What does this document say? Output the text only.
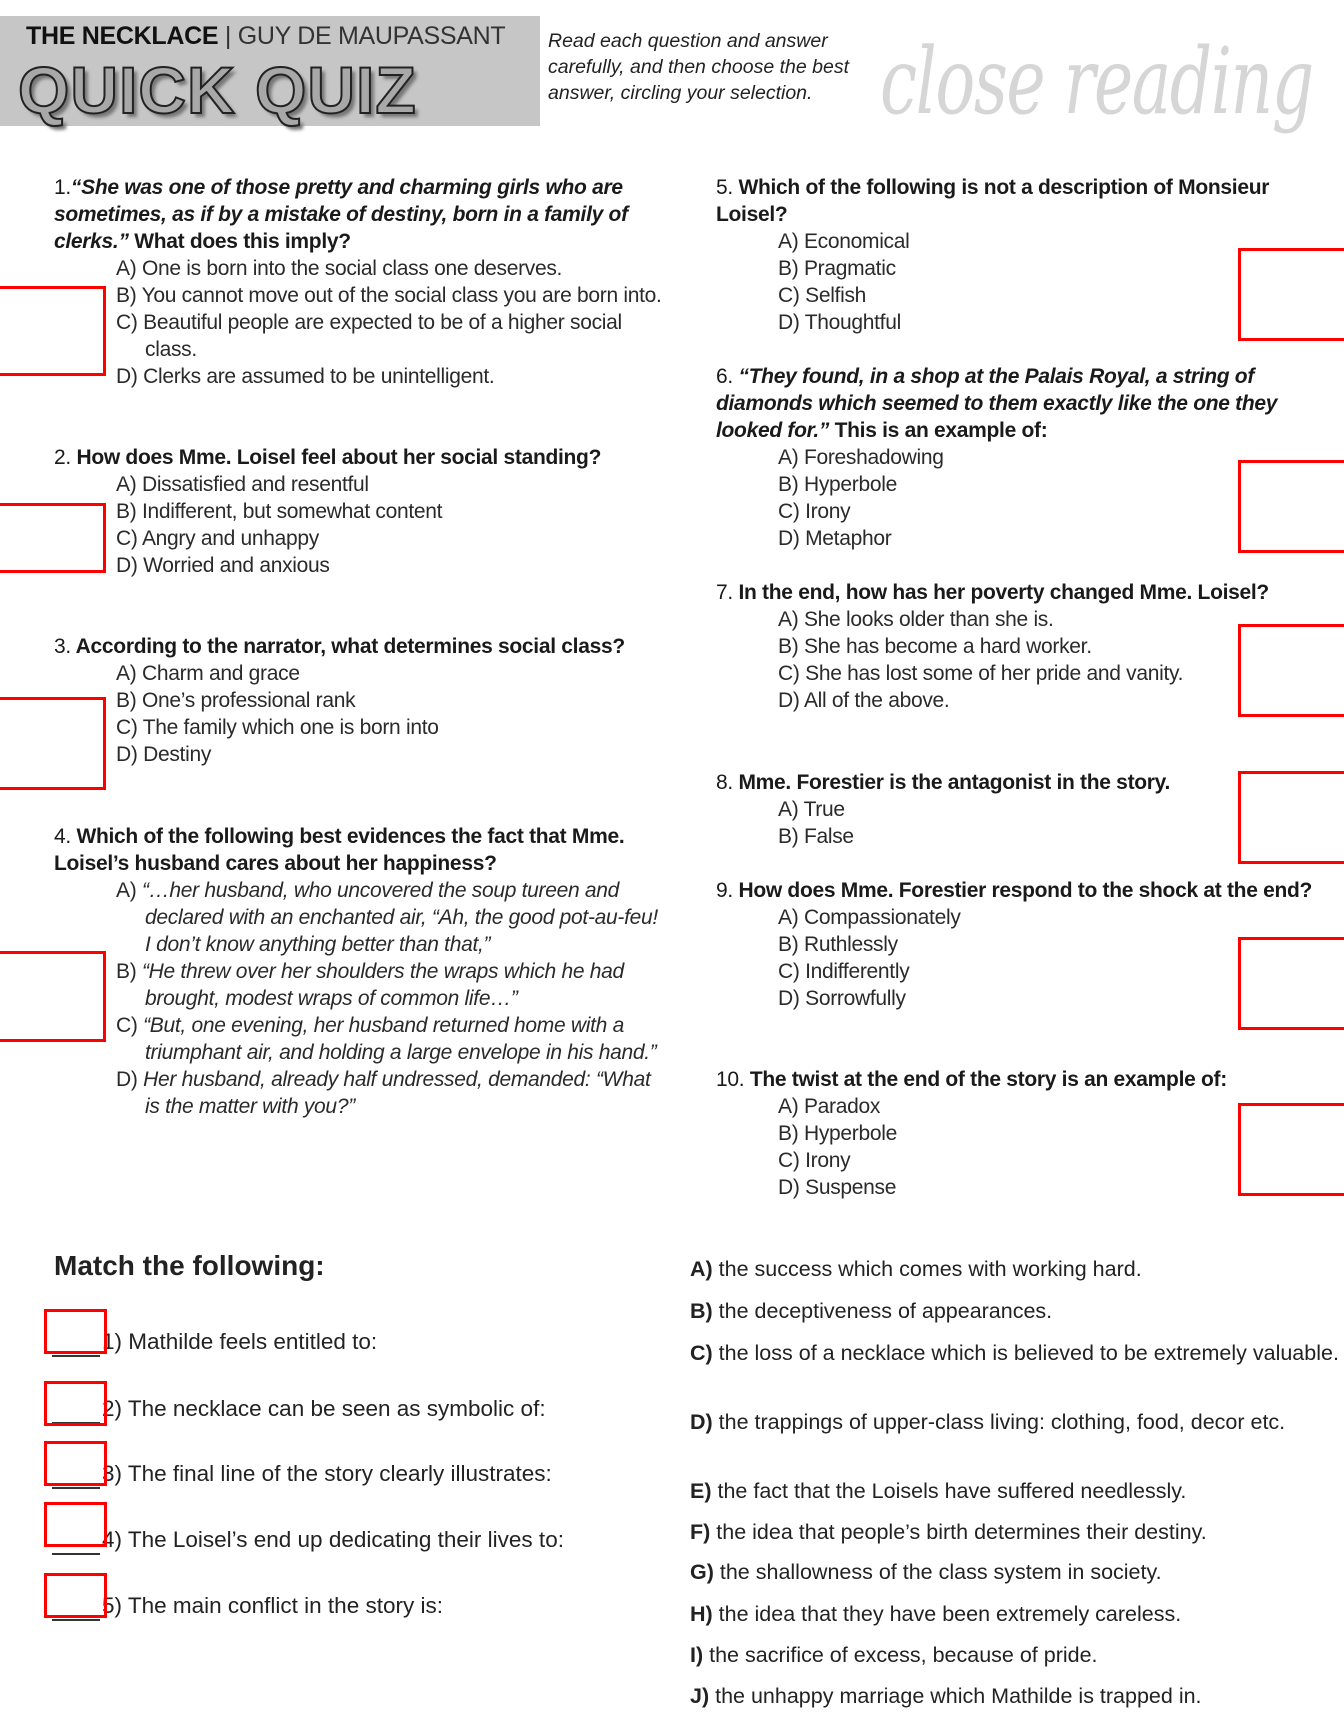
THE NECKLACE | GUY DE MAUPASSANT
QUICK QUIZ
Read each question and answer carefully, and then choose the best answer, circling your selection. close reading
1.“She was one of those pretty and charming girls who are sometimes, as if by a mistake of destiny, born in a family of clerks.” What does this imply?
A) One is born into the social class one deserves.
B) You cannot move out of the social class you are born into.
C) Beautiful people are expected to be of a higher social class.
D) Clerks are assumed to be unintelligent.
2. How does Mme. Loisel feel about her social standing?
A) Dissatisfied and resentful
B) Indifferent, but somewhat content
C) Angry and unhappy
D) Worried and anxious
3. According to the narrator, what determines social class?
A) Charm and grace
B) One’s professional rank
C) The family which one is born into
D) Destiny
4. Which of the following best evidences the fact that Mme. Loisel’s husband cares about her happiness?
A) “…her husband, who uncovered the soup tureen and declared with an enchanted air, “Ah, the good pot-au-feu! I don’t know anything better than that,”
B) “He threw over her shoulders the wraps which he had brought, modest wraps of common life…”
C) “But, one evening, her husband returned home with a triumphant air, and holding a large envelope in his hand.”
D) Her husband, already half undressed, demanded: “What is the matter with you?”
5. Which of the following is not a description of Monsieur Loisel?
A) Economical
B) Pragmatic
C) Selfish
D) Thoughtful
6. “They found, in a shop at the Palais Royal, a string of diamonds which seemed to them exactly like the one they looked for.” This is an example of:
A) Foreshadowing
B) Hyperbole
C) Irony
D) Metaphor
7. In the end, how has her poverty changed Mme. Loisel?
A) She looks older than she is.
B) She has become a hard worker.
C) She has lost some of her pride and vanity.
D) All of the above.
8. Mme. Forestier is the antagonist in the story.
A) True
B) False
9. How does Mme. Forestier respond to the shock at the end?
A) Compassionately
B) Ruthlessly
C) Indifferently
D) Sorrowfully
10. The twist at the end of the story is an example of:
A) Paradox
B) Hyperbole
C) Irony
D) Suspense
Match the following:
1) Mathilde feels entitled to:
2) The necklace can be seen as symbolic of:
3) The final line of the story clearly illustrates:
4) The Loisel’s end up dedicating their lives to:
5) The main conflict in the story is:
A) the success which comes with working hard.
B) the deceptiveness of appearances.
C) the loss of a necklace which is believed to be extremely valuable.
D) the trappings of upper-class living: clothing, food, decor etc.
E) the fact that the Loisels have suffered needlessly.
F) the idea that people’s birth determines their destiny.
G) the shallowness of the class system in society.
H) the idea that they have been extremely careless.
I) the sacrifice of excess, because of pride.
J) the unhappy marriage which Mathilde is trapped in.
